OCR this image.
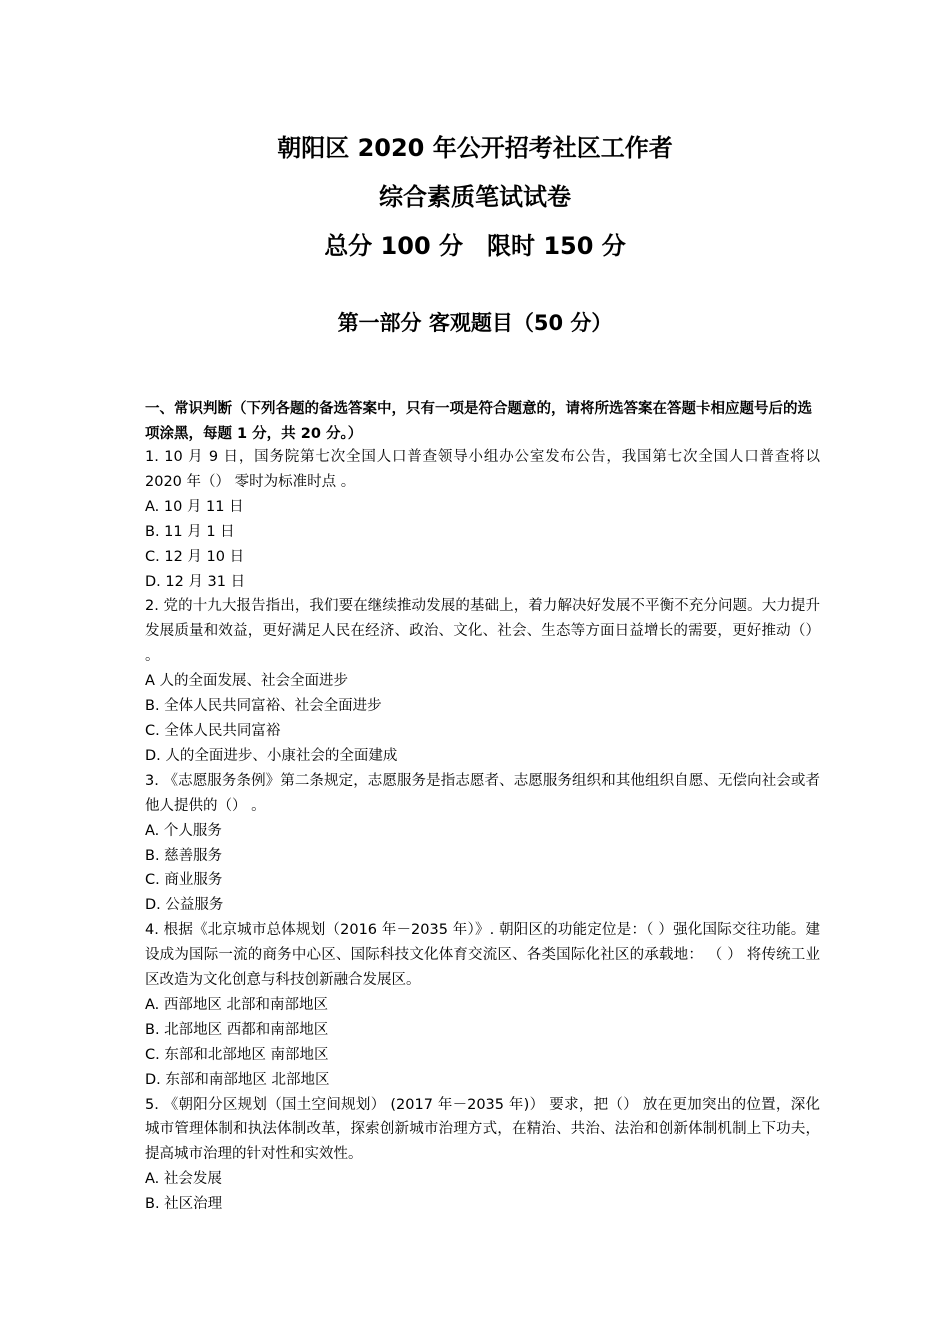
朝阳区 2020 年公开招考社区工作者
综合素质笔试试卷
总分 100 分　限时 150 分
第一部分 客观题目（50 分）
一、常识判断（下列各题的备选答案中，只有一项是符合题意的，请将所选答案在答题卡相应题号后的选项涂黑，每题 1 分，共 20 分。）
1. 10 月 9 日，国务院第七次全国人口普查领导小组办公室发布公告，我国第七次全国人口普查将以 2020 年（） 零时为标准时点 。
A. 10 月 11 日
B. 11 月 1 日
C. 12 月 10 日
D. 12 月 31 日
2. 党的十九大报告指出，我们要在继续推动发展的基础上，着力解决好发展不平衡不充分问题。大力提升发展质量和效益，更好满足人民在经济、政治、文化、社会、生态等方面日益增长的需要，更好推动（） 。
A 人的全面发展、社会全面进步
B. 全体人民共同富裕、社会全面进步
C. 全体人民共同富裕
D. 人的全面进步、小康社会的全面建成
3. 《志愿服务条例》第二条规定，志愿服务是指志愿者、志愿服务组织和其他组织自愿、无偿向社会或者他人提供的（） 。
A. 个人服务
B. 慈善服务
C. 商业服务
D. 公益服务
4. 根据《北京城市总体规划（2016 年－2035 年）》. 朝阳区的功能定位是：（ ）强化国际交往功能。建设成为国际一流的商务中心区、国际科技文化体育交流区、各类国际化社区的承载地： （ ） 将传统工业区改造为文化创意与科技创新融合发展区。
A. 西部地区 北部和南部地区
B. 北部地区 西都和南部地区
C. 东部和北部地区 南部地区
D. 东部和南部地区 北部地区
5. 《朝阳分区规划（国土空间规划） (2017 年－2035 年)） 要求，把（） 放在更加突出的位置，深化城市管理体制和执法体制改革，探索创新城市治理方式，在精治、共治、法治和创新体制机制上下功夫，提高城市治理的针对性和实效性。
A. 社会发展
B. 社区治理
